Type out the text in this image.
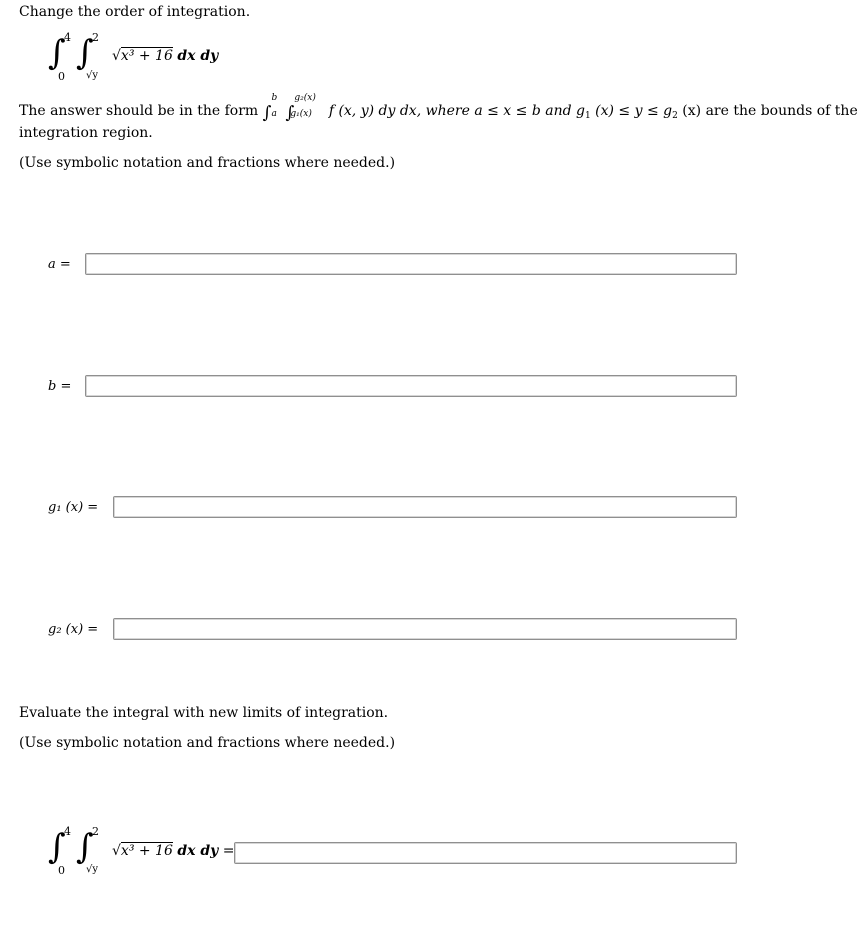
Change the order of integration.
∫
4
0
∫
2
√y
√x³ + 16 dx dy
The answer should be in the form ∫
b
a ∫
g₂(x)
g₁(x) f (x, y) dy dx, where a ≤ x ≤ b and $g_1$ $(x) \le y \le g_2$ (x) are the bounds of the
integration region.
(Use symbolic notation and fractions where needed.)
a =
b =
g₁ (x) =
g₂ (x) =
Evaluate the integral with new limits of integration.
(Use symbolic notation and fractions where needed.)
∫
4
0
∫
2
√y
√x³ + 16 dx dy =
